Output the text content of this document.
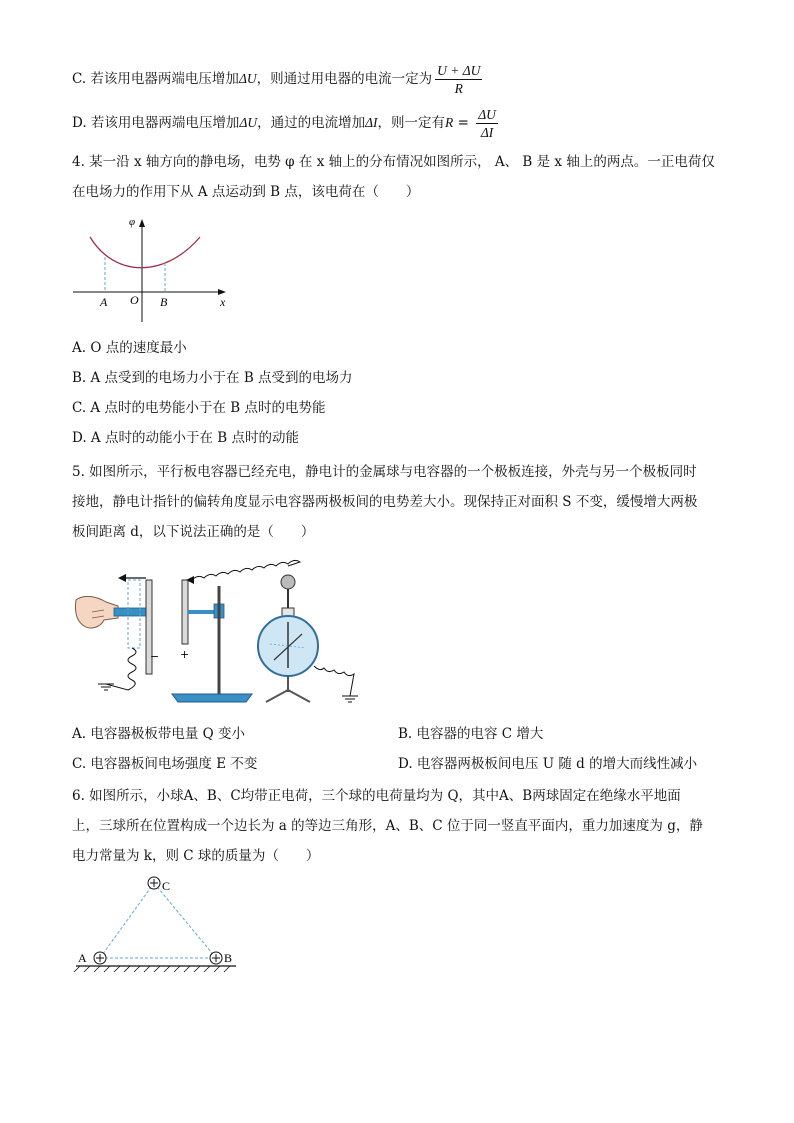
C. 若该用电器两端电压增加ΔU，则通过用电器的电流一定为 $\frac{U + \Delta U}{R}$
D. 若该用电器两端电压增加ΔU，通过的电流增加ΔI，则一定有$R = \frac{\Delta U}{\Delta I}$
4. 某一沿 x 轴方向的静电场，电势 φ 在 x 轴上的分布情况如图所示， A、 B 是 x 轴上的两点。一正电荷仅
在电场力的作用下从 A 点运动到 B 点，该电荷在（　　）
φ
x
A O B
A. O 点的速度最小
B. A 点受到的电场力小于在 B 点受到的电场力
C. A 点时的电势能小于在 B 点时的电势能
D. A 点时的动能小于在 B 点时的动能
5. 如图所示，平行板电容器已经充电，静电计的金属球与电容器的一个极板连接，外壳与另一个极板同时
接地，静电计指针的偏转角度显示电容器两极板间的电势差大小。现保持正对面积 S 不变，缓慢增大两极
板间距离 d，以下说法正确的是（　　）
− +
A. 电容器极板带电量 Q 变小	B. 电容器的电容 C 增大
C. 电容器板间电场强度 E 不变	D. 电容器两极板间电压 U 随 d 的增大而线性减小
6. 如图所示，小球A、B、C均带正电荷，三个球的电荷量均为 Q，其中A、B两球固定在绝缘水平地面
上，三球所在位置构成一个边长为 a 的等边三角形，A、B、C 位于同一竖直平面内，重力加速度为 g，静
电力常量为 k，则 C 球的质量为（　　）
C
A	B
